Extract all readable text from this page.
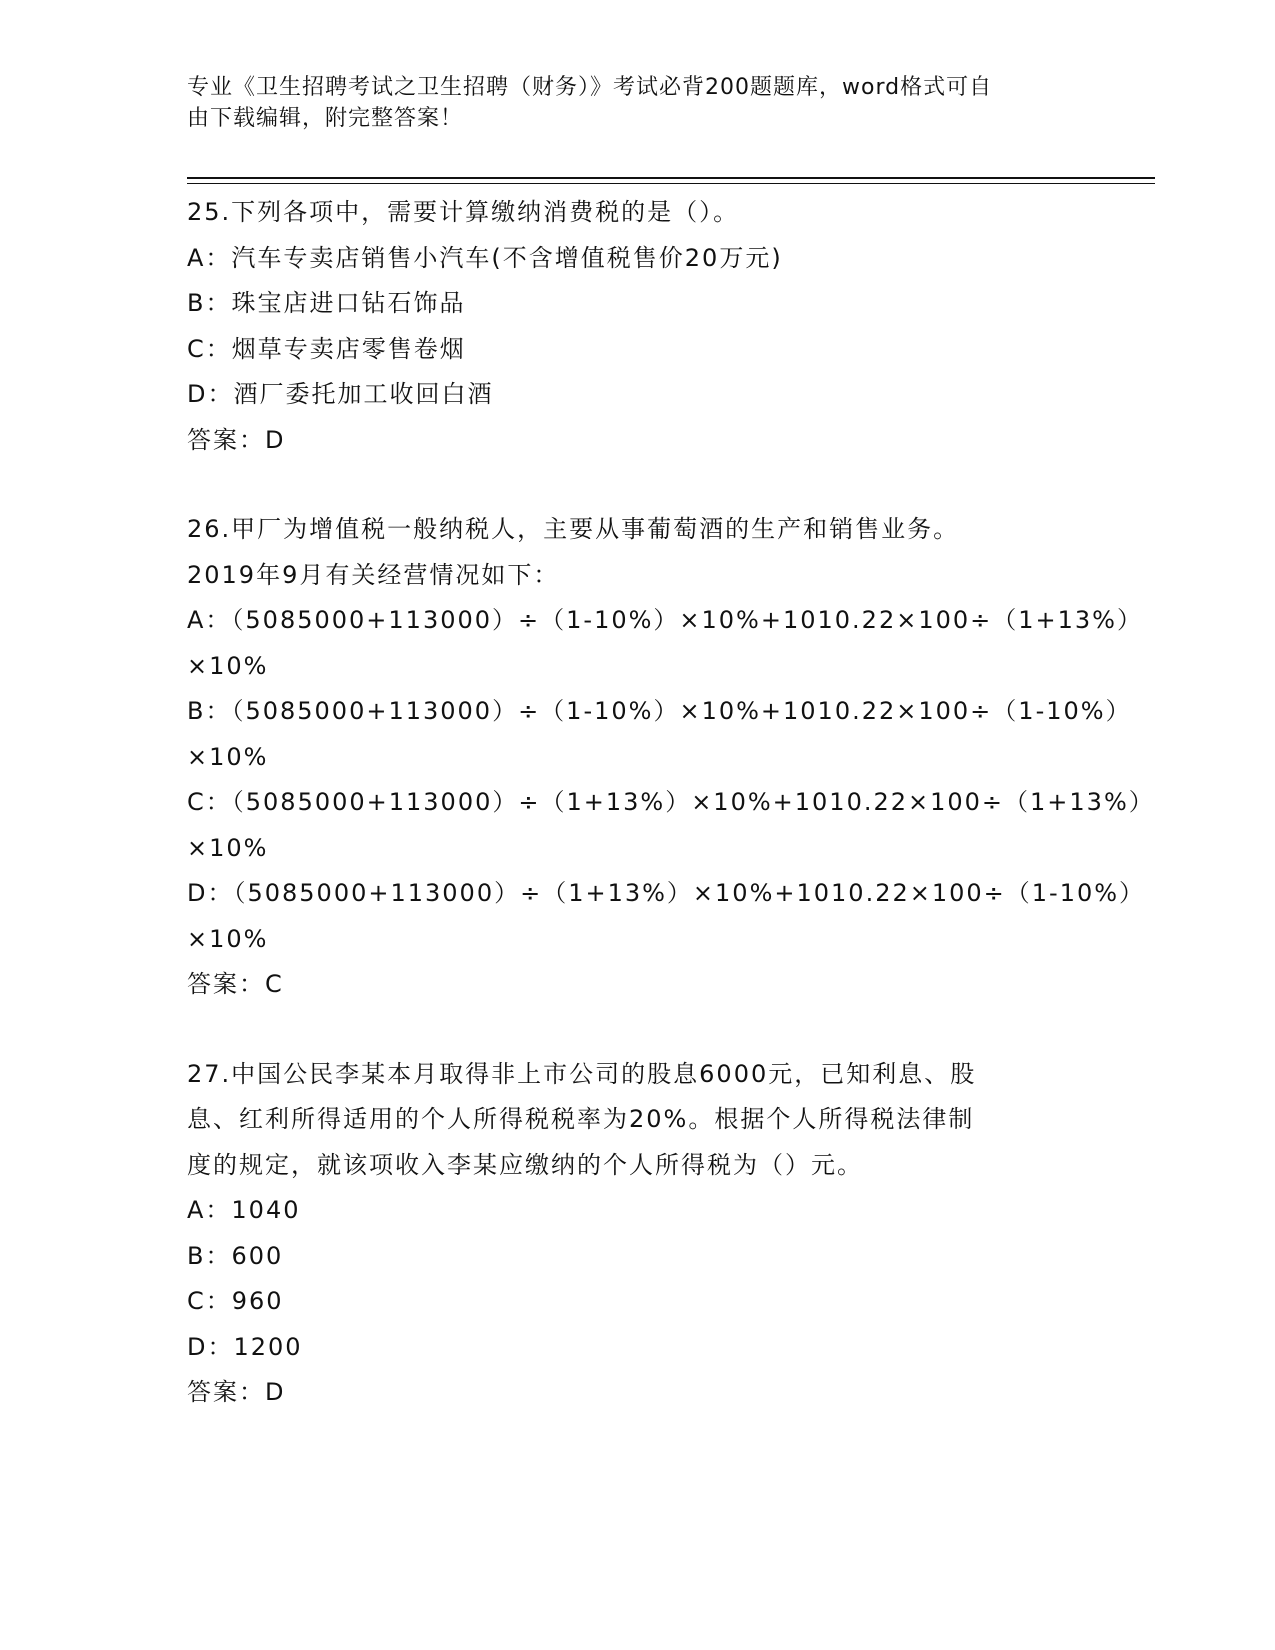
专业《卫生招聘考试之卫生招聘（财务）》考试必背200题题库，word格式可自
由下载编辑，附完整答案！
25.下列各项中，需要计算缴纳消费税的是（）。
A：汽车专卖店销售小汽车(不含增值税售价20万元)
B：珠宝店进口钻石饰品
C：烟草专卖店零售卷烟
D：酒厂委托加工收回白酒
答案：D
26.甲厂为增值税一般纳税人，主要从事葡萄酒的生产和销售业务。
2019年9月有关经营情况如下：
A：（5085000+113000）÷（1-10%）×10%+1010.22×100÷（1+13%）
×10%
B：（5085000+113000）÷（1-10%）×10%+1010.22×100÷（1-10%）
×10%
C：（5085000+113000）÷（1+13%）×10%+1010.22×100÷（1+13%）
×10%
D：（5085000+113000）÷（1+13%）×10%+1010.22×100÷（1-10%）
×10%
答案：C
27.中国公民李某本月取得非上市公司的股息6000元，已知利息、股
息、红利所得适用的个人所得税税率为20%。根据个人所得税法律制
度的规定，就该项收入李某应缴纳的个人所得税为（）元。
A：1040
B：600
C：960
D：1200
答案：D
